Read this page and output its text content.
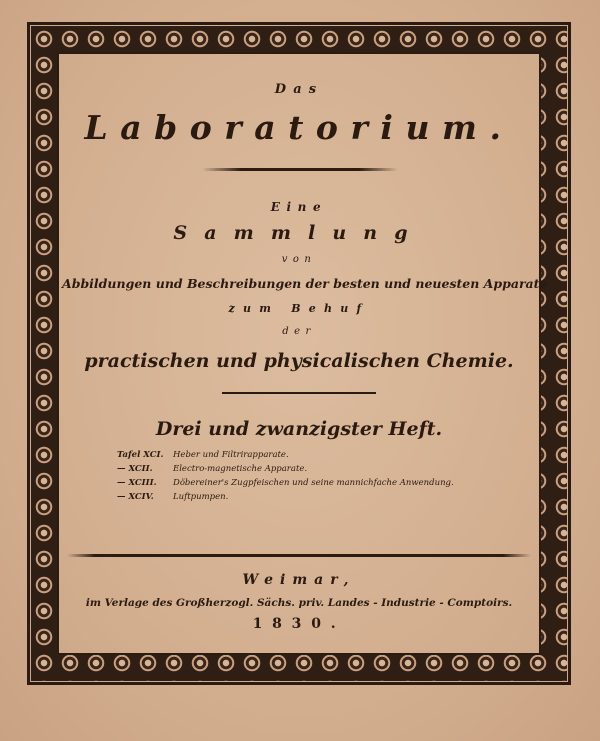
Das
Laboratorium.
Eine
Sammlung
von
Abbildungen und Beschreibungen der besten und neuesten Apparate
zum Behuf
der
practischen und physicalischen Chemie.
Drei und zwanzigster Heft.
Tafel XCI. Heber und Filtrirapparate.
— XCII. Electro-magnetische Apparate.
— XCIII. Döbereiner's Zugpfeischen und seine mannichfache Anwendung.
— XCIV. Luftpumpen.
Weimar,
im Verlage des Großherzogl. Sächs. priv. Landes - Industrie - Comptoirs.
1830.
